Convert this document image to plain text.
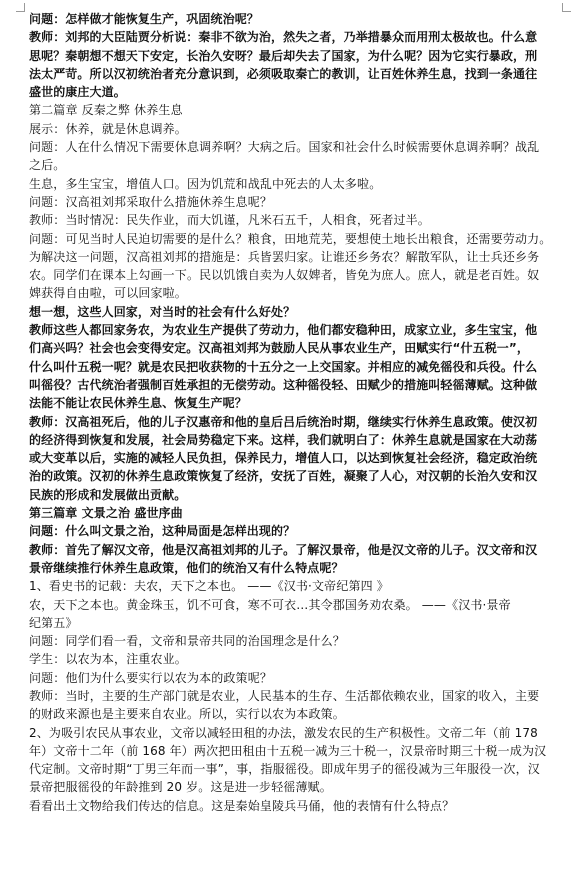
问题：怎样做才能恢复生产，巩固统治呢？
教师：刘邦的大臣陆贾分析说：秦非不欲为治，然失之者，乃举措暴众而用刑太极故也。什么意
思呢？秦朝想不想天下安定，长治久安呀？最后却失去了国家，为什么呢？因为它实行暴政，刑
法太严苛。所以汉初统治者充分意识到，必须吸取秦亡的教训，让百姓休养生息，找到一条通往
盛世的康庄大道。
第二篇章 反秦之弊 休养生息
展示：休养，就是休息调养。
问题：人在什么情况下需要休息调养啊？大病之后。国家和社会什么时候需要休息调养啊？战乱
之后。
生息，多生宝宝，增值人口。因为饥荒和战乱中死去的人太多啦。
问题：汉高祖刘邦采取什么措施休养生息呢？
教师：当时情况：民失作业，而大饥谨，凡米石五千，人相食，死者过半。
问题：可见当时人民迫切需要的是什么？粮食，田地荒芜，要想使土地长出粮食，还需要劳动力。
为解决这一问题，汉高祖刘邦的措施是：兵皆罢归家。让谁还乡务农？解散军队，让士兵还乡务
农。同学们在课本上勾画一下。民以饥饿自卖为人奴婢者，皆免为庶人。庶人，就是老百姓。奴
婢获得自由啦，可以回家啦。
想一想，这些人回家，对当时的社会有什么好处？
教师这些人都回家务农，为农业生产提供了劳动力，他们都安稳种田，成家立业，多生宝宝，他
们高兴吗？社会也会变得安定。汉高祖刘邦为鼓励人民从事农业生产，田赋实行“什五税一”，
什么叫什五税一呢？就是农民把收获物的十五分之一上交国家。并相应的减免徭役和兵役。什么
叫徭役？古代统治者强制百姓承担的无偿劳动。这种徭役轻、田赋少的措施叫轻徭薄赋。这种做
法能不能让农民休养生息、恢复生产呢？
教师：汉高祖死后，他的儿子汉惠帝和他的皇后吕后统治时期，继续实行休养生息政策。使汉初
的经济得到恢复和发展，社会局势稳定下来。这样，我们就明白了：休养生息就是国家在大动荡
或大变革以后，实施的减轻人民负担，保养民力，增值人口，以达到恢复社会经济，稳定政治统
治的政策。汉初的休养生息政策恢复了经济，安抚了百姓，凝聚了人心，对汉朝的长治久安和汉
民族的形成和发展做出贡献。
第三篇章 文景之治 盛世序曲
问题：什么叫文景之治，这种局面是怎样出现的？
教师：首先了解汉文帝，他是汉高祖刘邦的儿子。了解汉景帝，他是汉文帝的儿子。汉文帝和汉
景帝继续推行休养生息政策，他们的统治又有什么特点呢？
1、看史书的记载：夫农，天下之本也。 ——《汉书·文帝纪第四 》
农，天下之本也。黄金珠玉，饥不可食，寒不可衣…其令郡国务劝农桑。 ——《汉书·景帝
纪第五》
问题：同学们看一看，文帝和景帝共同的治国理念是什么？
学生：以农为本，注重农业。
问题：他们为什么要实行以农为本的政策呢？
教师：当时，主要的生产部门就是农业，人民基本的生存、生活都依赖农业，国家的收入，主要
的财政来源也是主要来自农业。所以，实行以农为本政策。
2、为吸引农民从事农业，文帝以减轻田租的办法，激发农民的生产积极性。文帝二年（前 178
年）文帝十二年（前 168 年）两次把田租由十五税一减为三十税一，汉景帝时期三十税一成为汉
代定制。文帝时期“丁男三年而一事”，事，指服徭役。即成年男子的徭役减为三年服役一次，汉
景帝把服徭役的年龄推到 20 岁。这是进一步轻徭薄赋。
看看出土文物给我们传达的信息。这是秦始皇陵兵马俑，他的表情有什么特点？
